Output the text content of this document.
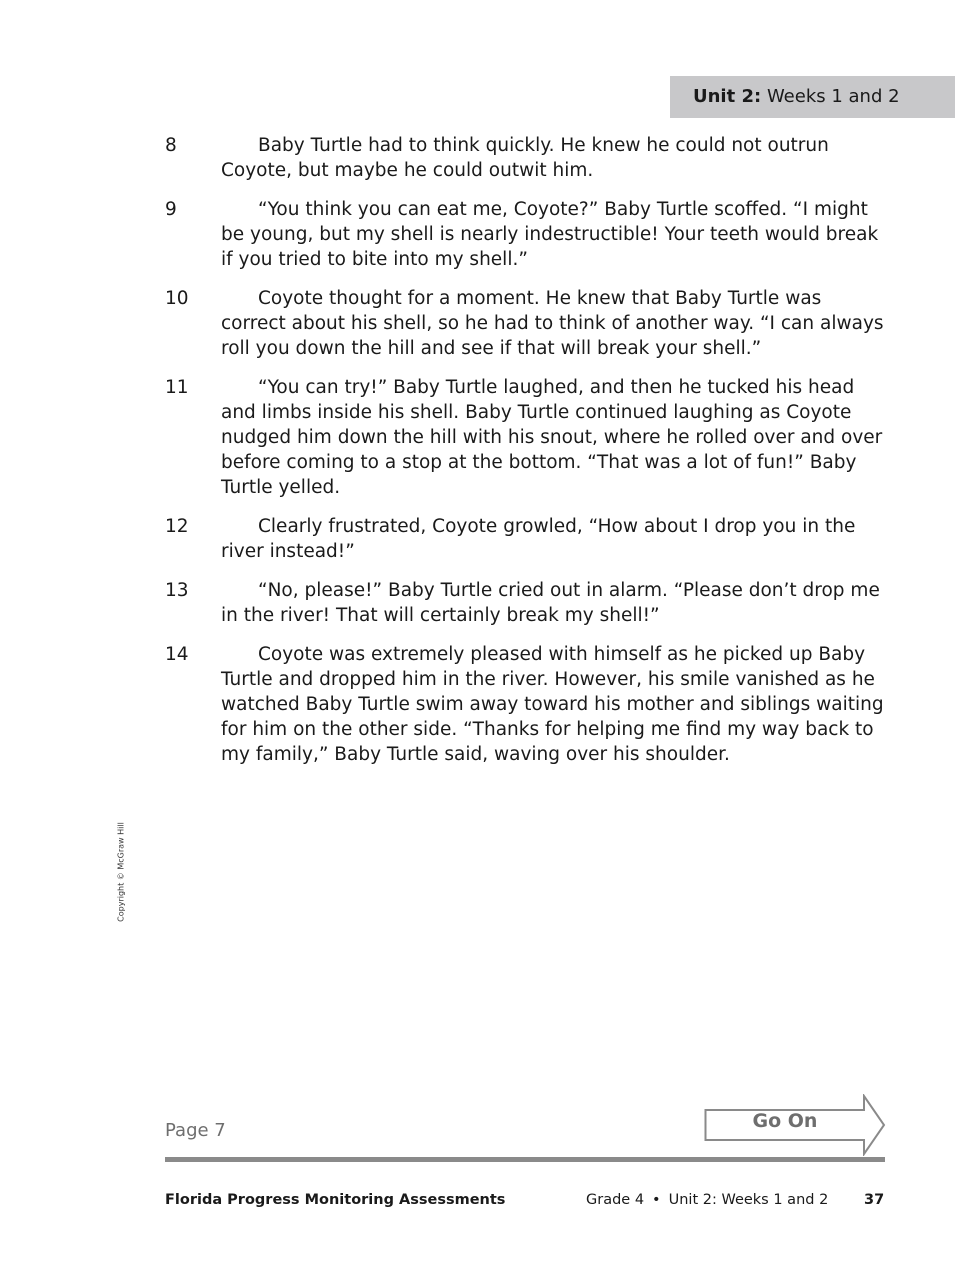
Unit 2: Weeks 1 and 2
8	Baby Turtle had to think quickly. He knew he could not outrun Coyote, but maybe he could outwit him.
9	“You think you can eat me, Coyote?” Baby Turtle scoffed. “I might be young, but my shell is nearly indestructible! Your teeth would break if you tried to bite into my shell.”
10	Coyote thought for a moment. He knew that Baby Turtle was correct about his shell, so he had to think of another way. “I can always roll you down the hill and see if that will break your shell.”
11	“You can try!” Baby Turtle laughed, and then he tucked his head and limbs inside his shell. Baby Turtle continued laughing as Coyote nudged him down the hill with his snout, where he rolled over and over before coming to a stop at the bottom. “That was a lot of fun!” Baby Turtle yelled.
12	Clearly frustrated, Coyote growled, “How about I drop you in the river instead!”
13	“No, please!” Baby Turtle cried out in alarm. “Please don’t drop me in the river! That will certainly break my shell!”
14	Coyote was extremely pleased with himself as he picked up Baby Turtle and dropped him in the river. However, his smile vanished as he watched Baby Turtle swim away toward his mother and siblings waiting for him on the other side. “Thanks for helping me find my way back to my family,” Baby Turtle said, waving over his shoulder.
Copyright © McGraw Hill
Page 7	Go On
Florida Progress Monitoring Assessments	Grade 4 • Unit 2: Weeks 1 and 2 37
